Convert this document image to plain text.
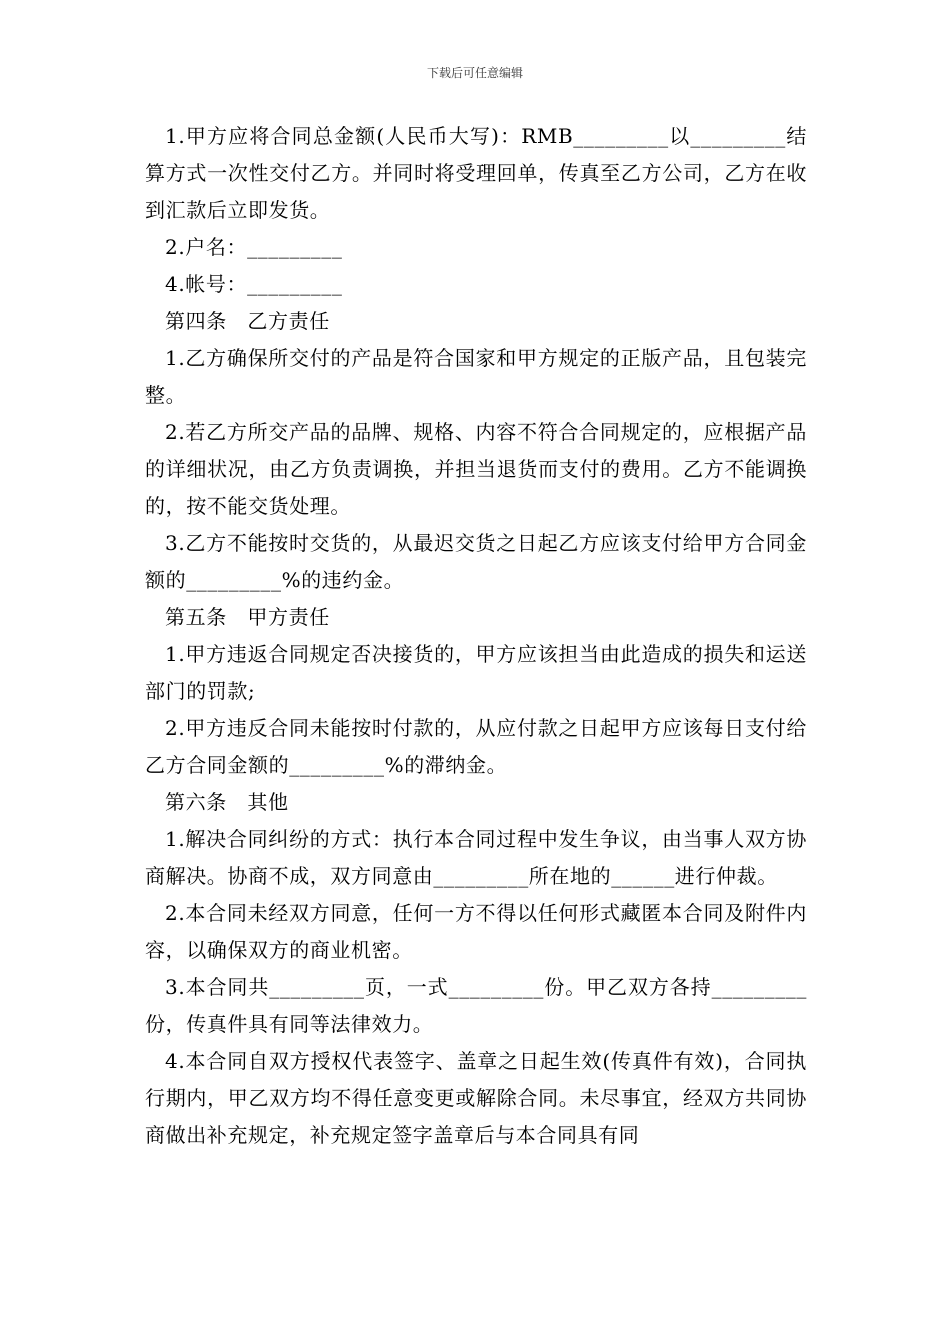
下载后可任意编辑

1.甲方应将合同总金额(人民币大写)：RMB_________以_________结算方式一次性交付乙方。并同时将受理回单，传真至乙方公司，乙方在收到汇款后立即发货。

2.户名：_________

4.帐号：_________

第四条　乙方责任

1.乙方确保所交付的产品是符合国家和甲方规定的正版产品，且包装完整。

2.若乙方所交产品的品牌、规格、内容不符合合同规定的，应根据产品的详细状况，由乙方负责调换，并担当退货而支付的费用。乙方不能调换的，按不能交货处理。

3.乙方不能按时交货的，从最迟交货之日起乙方应该支付给甲方合同金额的_________%的违约金。

第五条　甲方责任

1.甲方违返合同规定否决接货的，甲方应该担当由此造成的损失和运送部门的罚款;

2.甲方违反合同未能按时付款的，从应付款之日起甲方应该每日支付给乙方合同金额的_________%的滞纳金。

第六条　其他

1.解决合同纠纷的方式：执行本合同过程中发生争议，由当事人双方协商解决。协商不成，双方同意由_________所在地的______进行仲裁。

2.本合同未经双方同意，任何一方不得以任何形式藏匿本合同及附件内容，以确保双方的商业机密。

3.本合同共_________页，一式_________份。甲乙双方各持_________份，传真件具有同等法律效力。

4.本合同自双方授权代表签字、盖章之日起生效(传真件有效)，合同执行期内，甲乙双方均不得任意变更或解除合同。未尽事宜，经双方共同协商做出补充规定，补充规定签字盖章后与本合同具有同
